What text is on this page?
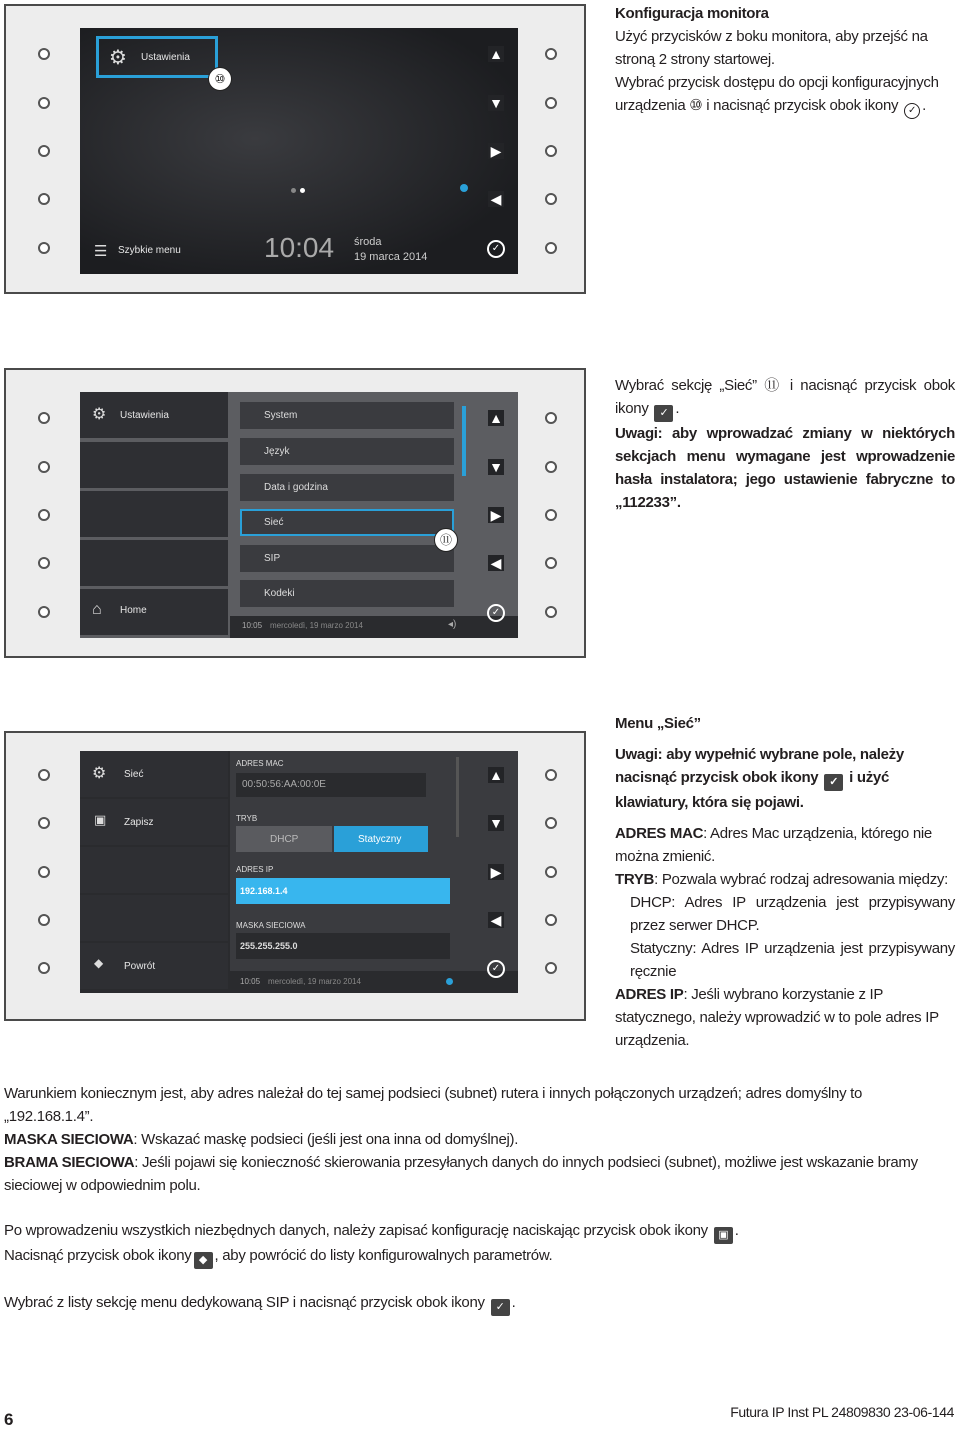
⚙ Ustawienia
☰ Szybkie menu	10:04 środa
19 marca 2014
⑩
▲
▼
▶
◀
✓
⚙ Ustawienia
⌂ Home
System
Język
Data i godzina
Sieć
SIP
Kodeki
10:05 mercoledì, 19 marzo 2014	◂)
⑪
▲
▼
▶
◀
✓
⚙ Sieć
▣ Zapisz
◆ Powrót
ADRES MAC
00:50:56:AA:00:0E
TRYB
DHCP	Statyczny
ADRES IP
192.168.1.4
MASKA SIECIOWA
255.255.255.0
10:05 mercoledì, 19 marzo 2014
▲
▼
▶
◀
✓
Konfiguracja monitora
Użyć przycisków z boku monitora, aby przejść na stroną 2 strony startowej.
Wybrać przycisk dostępu do opcji konfiguracyjnych urządzenia ⑩ i nacisnąć przycisk obok ikony ✓ .
Wybrać sekcję „Sieć” ⑪ i nacisnąć przycisk obok ikony ✓ .
Uwagi: aby wprowadzać zmiany w niektórych sekcjach menu wymagane jest wprowadzenie hasła instalatora; jego ustawienie fabryczne to „112233”.
Menu „Sieć”
Uwagi: aby wypełnić wybrane pole, należy nacisnąć przycisk obok ikony ✓ i użyć klawiatury, która się pojawi.
ADRES MAC: Adres Mac urządzenia, którego nie można zmienić.
TRYB: Pozwala wybrać rodzaj adresowania między:
DHCP: Adres IP urządzenia jest przypisywany przez serwer DHCP.
Statyczny: Adres IP urządzenia jest przypisywany ręcznie
ADRES IP: Jeśli wybrano korzystanie z IP statycznego, należy wprowadzić w to pole adres IP urządzenia.
Warunkiem koniecznym jest, aby adres należał do tej samej podsieci (subnet) rutera i innych połączonych urządzeń; adres domyślny to „192.168.1.4”.
MASKA SIECIOWA: Wskazać maskę podsieci (jeśli jest ona inna od domyślnej).
BRAMA SIECIOWA: Jeśli pojawi się konieczność skierowania przesyłanych danych do innych podsieci (subnet), możliwe jest wskazanie bramy sieciowej w odpowiednim polu.
Po wprowadzeniu wszystkich niezbędnych danych, należy zapisać konfigurację naciskając przycisk obok ikony ▣ .
Nacisnąć przycisk obok ikony ◆ , aby powrócić do listy konfigurowalnych parametrów.
Wybrać z listy sekcję menu dedykowaną SIP i nacisnąć przycisk obok ikony ✓ .
6	Futura IP Inst PL 24809830 23-06-144
